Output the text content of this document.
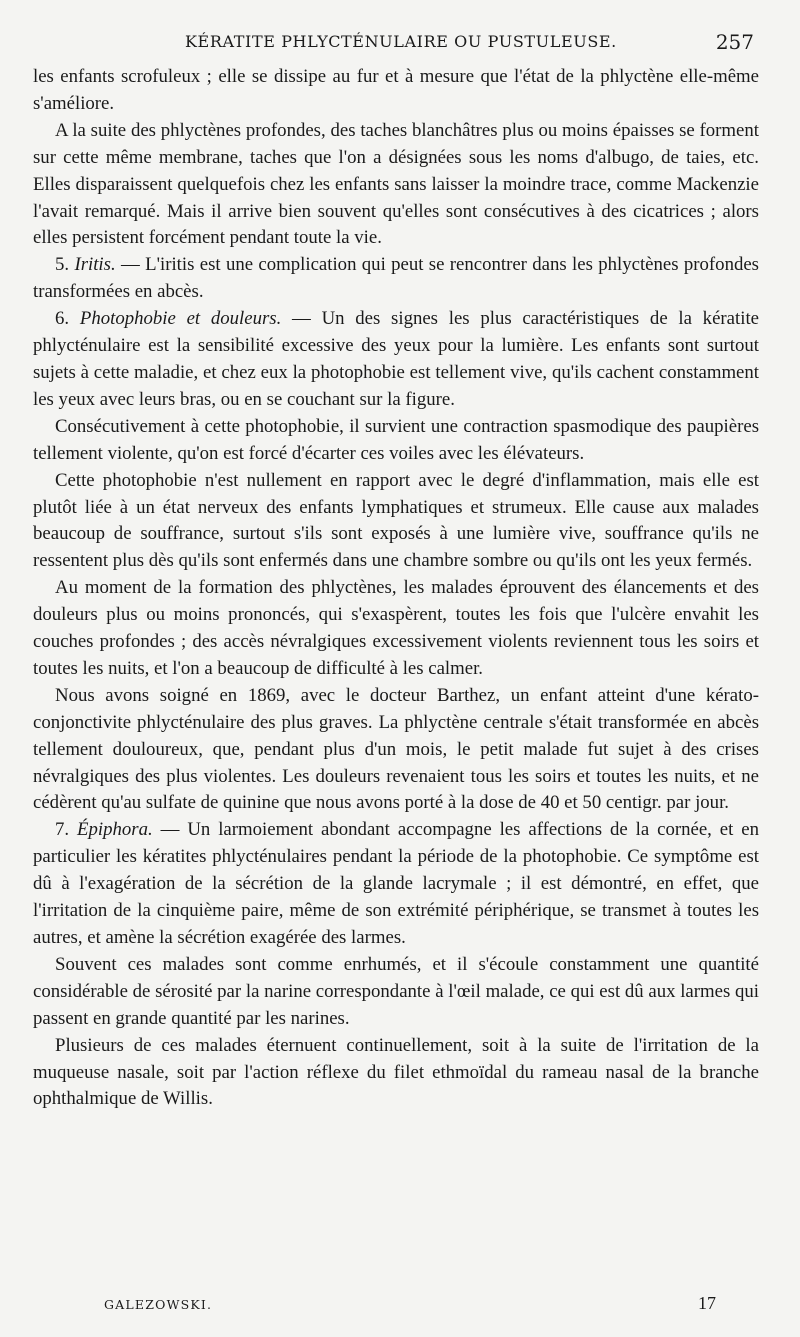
KÉRATITE PHLYCTÉNULAIRE OU PUSTULEUSE.	257

les enfants scrofuleux ; elle se dissipe au fur et à mesure que l'état de la phlyctène elle-même s'améliore.

A la suite des phlyctènes profondes, des taches blanchâtres plus ou moins épaisses se forment sur cette même membrane, taches que l'on a désignées sous les noms d'albugo, de taies, etc. Elles disparaissent quelquefois chez les enfants sans laisser la moindre trace, comme Mackenzie l'avait remarqué. Mais il arrive bien souvent qu'elles sont consécutives à des cicatrices ; alors elles persistent forcément pendant toute la vie.

5. Iritis. — L'iritis est une complication qui peut se rencontrer dans les phlyctènes profondes transformées en abcès.

6. Photophobie et douleurs. — Un des signes les plus caractéristiques de la kératite phlycténulaire est la sensibilité excessive des yeux pour la lumière. Les enfants sont surtout sujets à cette maladie, et chez eux la photophobie est tellement vive, qu'ils cachent constamment les yeux avec leurs bras, ou en se couchant sur la figure.

Consécutivement à cette photophobie, il survient une contraction spasmodique des paupières tellement violente, qu'on est forcé d'écarter ces voiles avec les élévateurs.

Cette photophobie n'est nullement en rapport avec le degré d'inflammation, mais elle est plutôt liée à un état nerveux des enfants lymphatiques et strumeux. Elle cause aux malades beaucoup de souffrance, surtout s'ils sont exposés à une lumière vive, souffrance qu'ils ne ressentent plus dès qu'ils sont enfermés dans une chambre sombre ou qu'ils ont les yeux fermés.

Au moment de la formation des phlyctènes, les malades éprouvent des élancements et des douleurs plus ou moins prononcés, qui s'exaspèrent, toutes les fois que l'ulcère envahit les couches profondes ; des accès névralgiques excessivement violents reviennent tous les soirs et toutes les nuits, et l'on a beaucoup de difficulté à les calmer.

Nous avons soigné en 1869, avec le docteur Barthez, un enfant atteint d'une kérato-conjonctivite phlycténulaire des plus graves. La phlyctène centrale s'était transformée en abcès tellement douloureux, que, pendant plus d'un mois, le petit malade fut sujet à des crises névralgiques des plus violentes. Les douleurs revenaient tous les soirs et toutes les nuits, et ne cédèrent qu'au sulfate de quinine que nous avons porté à la dose de 40 et 50 centigr. par jour.

7. Épiphora. — Un larmoiement abondant accompagne les affections de la cornée, et en particulier les kératites phlycténulaires pendant la période de la photophobie. Ce symptôme est dû à l'exagération de la sécrétion de la glande lacrymale ; il est démontré, en effet, que l'irritation de la cinquième paire, même de son extrémité périphérique, se transmet à toutes les autres, et amène la sécrétion exagérée des larmes.

Souvent ces malades sont comme enrhumés, et il s'écoule constamment une quantité considérable de sérosité par la narine correspondante à l'œil malade, ce qui est dû aux larmes qui passent en grande quantité par les narines.

Plusieurs de ces malades éternuent continuellement, soit à la suite de l'irritation de la muqueuse nasale, soit par l'action réflexe du filet ethmoïdal du rameau nasal de la branche ophthalmique de Willis.

GALEZOWSKI.	17
